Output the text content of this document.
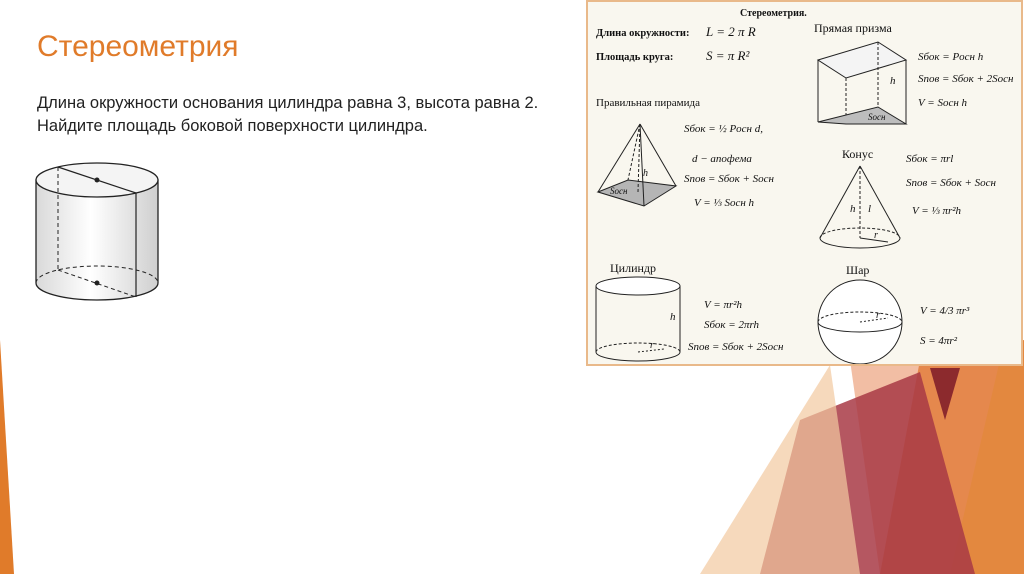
Стереометрия
Длина окружности основания цилиндра равна 3, высота равна 2. Найдите площадь боковой поверхности цилиндра.
Стереометрия.
Длина окружности: L = 2 π R
Площадь круга:	S = π R²
Прямая призма
h
Sосн
Sбок = Pосн h
Sпов = Sбок + 2Sосн
V = Sосн h
Правильная пирамида
h
Sосн
Sбок = ½ Pосн d,
d − апофема
Sпов = Sбок + Sосн
V = ⅓ Sосн h
Конус
h l
r
Sбок = πrl
Sпов = Sбок + Sосн
V = ⅓ πr²h
Цилиндр
h
r
V = πr²h
Sбок = 2πrh
Sпов = Sбок + 2Sосн
Шар
r	V = 4/3 πr³
S = 4πr²
